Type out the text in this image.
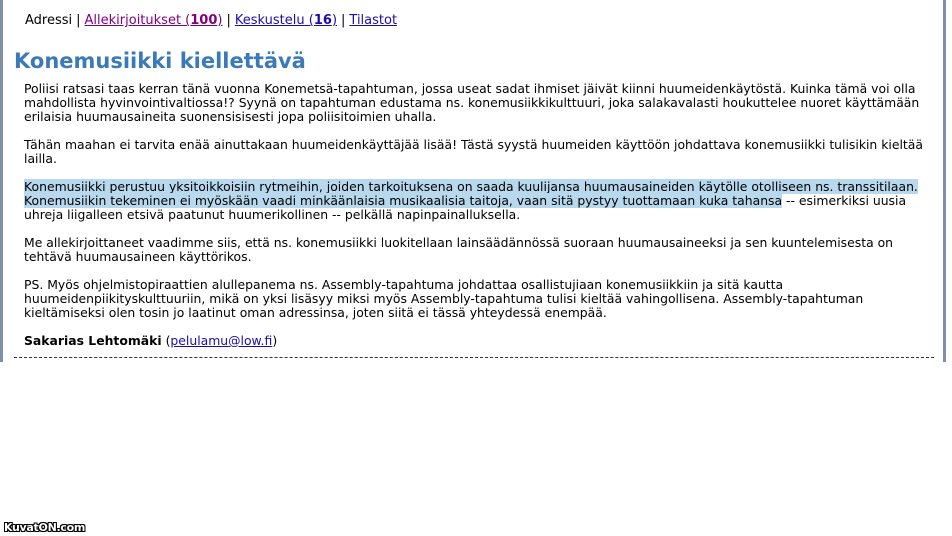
Adressi | Allekirjoitukset (100) | Keskustelu (16) | Tilastot
Konemusiikki kiellettävä

Poliisi ratsasi taas kerran tänä vuonna Konemetsä-tapahtuman, jossa useat sadat ihmiset jäivät kiinni huumeidenkäytöstä. Kuinka tämä voi olla mahdollista hyvinvointivaltiossa!? Syynä on tapahtuman edustama ns. konemusiikkikulttuuri, joka salakavalasti houkuttelee nuoret käyttämään erilaisia huumausaineita suonensisisesti jopa poliisitoimien uhalla.

Tähän maahan ei tarvita enää ainuttakaan huumeidenkäyttäjää lisää! Tästä syystä huumeiden käyttöön johdattava konemusiikki tulisikin kieltää lailla.

Konemusiikki perustuu yksitoikkoisiin rytmeihin, joiden tarkoituksena on saada kuulijansa huumausaineiden käytölle otolliseen ns. transsitilaan. Konemusiikin tekeminen ei myöskään vaadi minkäänlaisia musikaalisia taitoja, vaan sitä pystyy tuottamaan kuka tahansa -- esimerkiksi uusia uhreja liigalleen etsivä paatunut huumerikollinen -- pelkällä napinpainalluksella.

Me allekirjoittaneet vaadimme siis, että ns. konemusiikki luokitellaan lainsäädännössä suoraan huumausaineeksi ja sen kuuntelemisesta on tehtävä huumausaineen käyttörikos.

PS. Myös ohjelmistopiraattien alullepanema ns. Assembly-tapahtuma johdattaa osallistujiaan konemusiikkiin ja sitä kautta huumeidenpiikityskulttuuriin, mikä on yksi lisäsyy miksi myös Assembly-tapahtuma tulisi kieltää vahingollisena. Assembly-tapahtuman kieltämiseksi olen tosin jo laatinut oman adressinsa, joten siitä ei tässä yhteydessä enempää.

Sakarias Lehtomäki (pelulamu@low.fi)

KuvatON.com
